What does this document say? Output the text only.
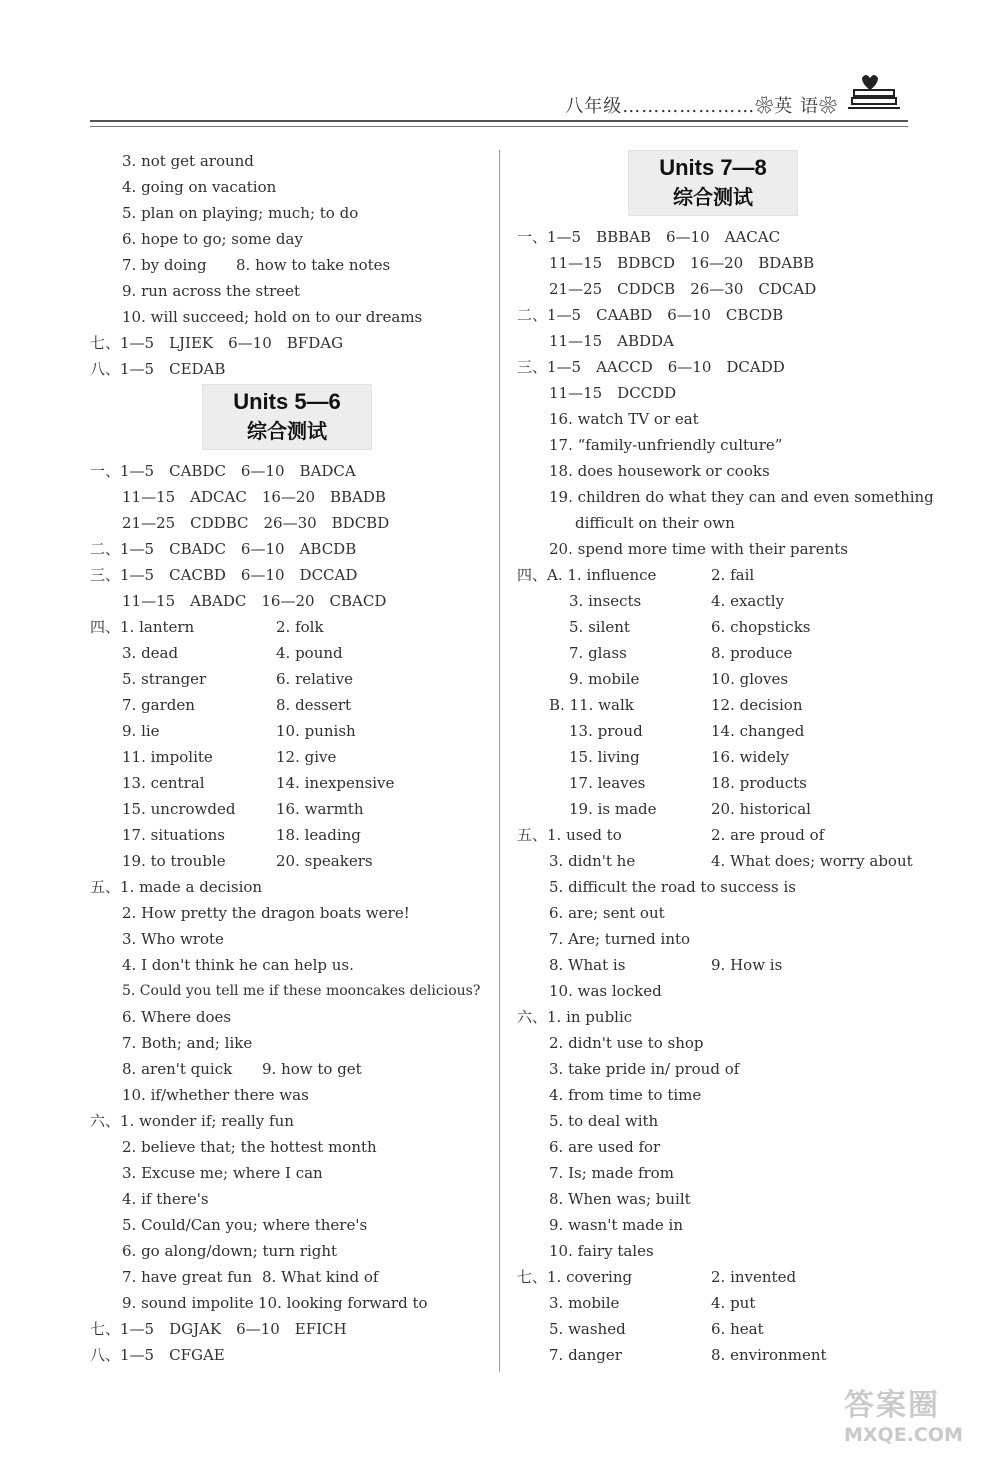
八年级…………………❀英 语❀
3. not get around
4. going on vacation
5. plan on playing; much; to do
6. hope to go; some day
7. by doing 8. how to take notes
9. run across the street
10. will succeed; hold on to our dreams
七、1—5　LJIEK　6—10　BFDAG
八、1—5　CEDAB
Units 5—6
综合测试
一、1—5　CABDC　6—10　BADCA
11—15　ADCAC　16—20　BBADB
21—25　CDDBC　26—30　BDCBD
二、1—5　CBADC　6—10　ABCDB
三、1—5　CACBD　6—10　DCCAD
11—15　ABADC　16—20　CBACD
四、1. lantern	2. folk
3. dead	4. pound
5. stranger	6. relative
7. garden	8. dessert
9. lie	10. punish
11. impolite	12. give
13. central	14. inexpensive
15. uncrowded	16. warmth
17. situations	18. leading
19. to trouble	20. speakers
五、1. made a decision
2. How pretty the dragon boats were!
3. Who wrote
4. I don't think he can help us.
5. Could you tell me if these mooncakes delicious?
6. Where does
7. Both; and; like
8. aren't quick 9. how to get
10. if/whether there was
六、1. wonder if; really fun
2. believe that; the hottest month
3. Excuse me; where I can
4. if there's
5. Could/Can you; where there's
6. go along/down; turn right
7. have great fun 8. What kind of
9. sound impolite 10. looking forward to
七、1—5　DGJAK　6—10　EFICH
八、1—5　CFGAE
Units 7—8
综合测试
一、1—5　BBBAB　6—10　AACAC
11—15　BDBCD　16—20　BDABB
21—25　CDDCB　26—30　CDCAD
二、1—5　CAABD　6—10　CBCDB
11—15　ABDDA
三、1—5　AACCD　6—10　DCADD
11—15　DCCDD
16. watch TV or eat
17. “family-unfriendly culture”
18. does housework or cooks
19. children do what they can and even something
difficult on their own
20. spend more time with their parents
四、A. 1. influence	2. fail
3. insects	4. exactly
5. silent	6. chopsticks
7. glass	8. produce
9. mobile	10. gloves
B. 11. walk	12. decision
13. proud	14. changed
15. living	16. widely
17. leaves	18. products
19. is made	20. historical
五、1. used to	2. are proud of
3. didn't he	4. What does; worry about
5. difficult the road to success is
6. are; sent out
7. Are; turned into
8. What is	9. How is
10. was locked
六、1. in public
2. didn't use to shop
3. take pride in/ proud of
4. from time to time
5. to deal with
6. are used for
7. Is; made from
8. When was; built
9. wasn't made in
10. fairy tales
七、1. covering	2. invented
3. mobile	4. put
5. washed	6. heat
7. danger	8. environment
答案圈
MXQE.COM
